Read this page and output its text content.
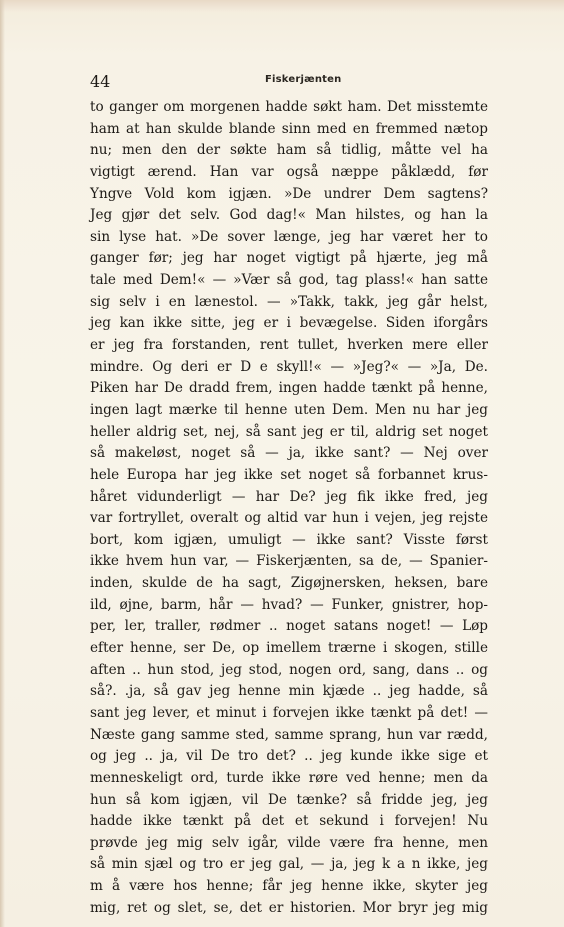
44	Fiskerjænten
to ganger om morgenen hadde søkt ham. Det misstemte
ham at han skulde blande sinn med en fremmed nætop
nu; men den der søkte ham så tidlig, måtte vel ha
vigtigt ærend. Han var også næppe påklædd, før
Yngve Vold kom igjæn. »De undrer Dem sagtens?
Jeg gjør det selv. God dag!« Man hilstes, og han la
sin lyse hat. »De sover længe, jeg har været her to
ganger før; jeg har noget vigtigt på hjærte, jeg må
tale med Dem!« — »Vær så god, tag plass!« han satte
sig selv i en lænestol. — »Takk, takk, jeg går helst,
jeg kan ikke sitte, jeg er i bevægelse. Siden iforgårs
er jeg fra forstanden, rent tullet, hverken mere eller
mindre. Og deri er D e skyll!« — »Jeg?« — »Ja, De.
Piken har De dradd frem, ingen hadde tænkt på henne,
ingen lagt mærke til henne uten Dem. Men nu har jeg
heller aldrig set, nej, så sant jeg er til, aldrig set noget
så makeløst, noget så — ja, ikke sant? — Nej over
hele Europa har jeg ikke set noget så forbannet krus-
håret vidunderligt — har De? jeg fik ikke fred, jeg
var fortryllet, overalt og altid var hun i vejen, jeg rejste
bort, kom igjæn, umuligt — ikke sant? Visste først
ikke hvem hun var, — Fiskerjænten, sa de, — Spanier-
inden, skulde de ha sagt, Zigøjnersken, heksen, bare
ild, øjne, barm, hår — hvad? — Funker, gnistrer, hop-
per, ler, traller, rødmer .. noget satans noget! — Løp
efter henne, ser De, op imellem trærne i skogen, stille
aften .. hun stod, jeg stod, nogen ord, sang, dans .. og
så?. .ja, så gav jeg henne min kjæde .. jeg hadde, så
sant jeg lever, et minut i forvejen ikke tænkt på det! —
Næste gang samme sted, samme sprang, hun var rædd,
og jeg .. ja, vil De tro det? .. jeg kunde ikke sige et
menneskeligt ord, turde ikke røre ved henne; men da
hun så kom igjæn, vil De tænke? så fridde jeg, jeg
hadde ikke tænkt på det et sekund i forvejen! Nu
prøvde jeg mig selv igår, vilde være fra henne, men
så min sjæl og tro er jeg gal, — ja, jeg k a n ikke, jeg
m å være hos henne; får jeg henne ikke, skyter jeg
mig, ret og slet, se, det er historien. Mor bryr jeg mig
